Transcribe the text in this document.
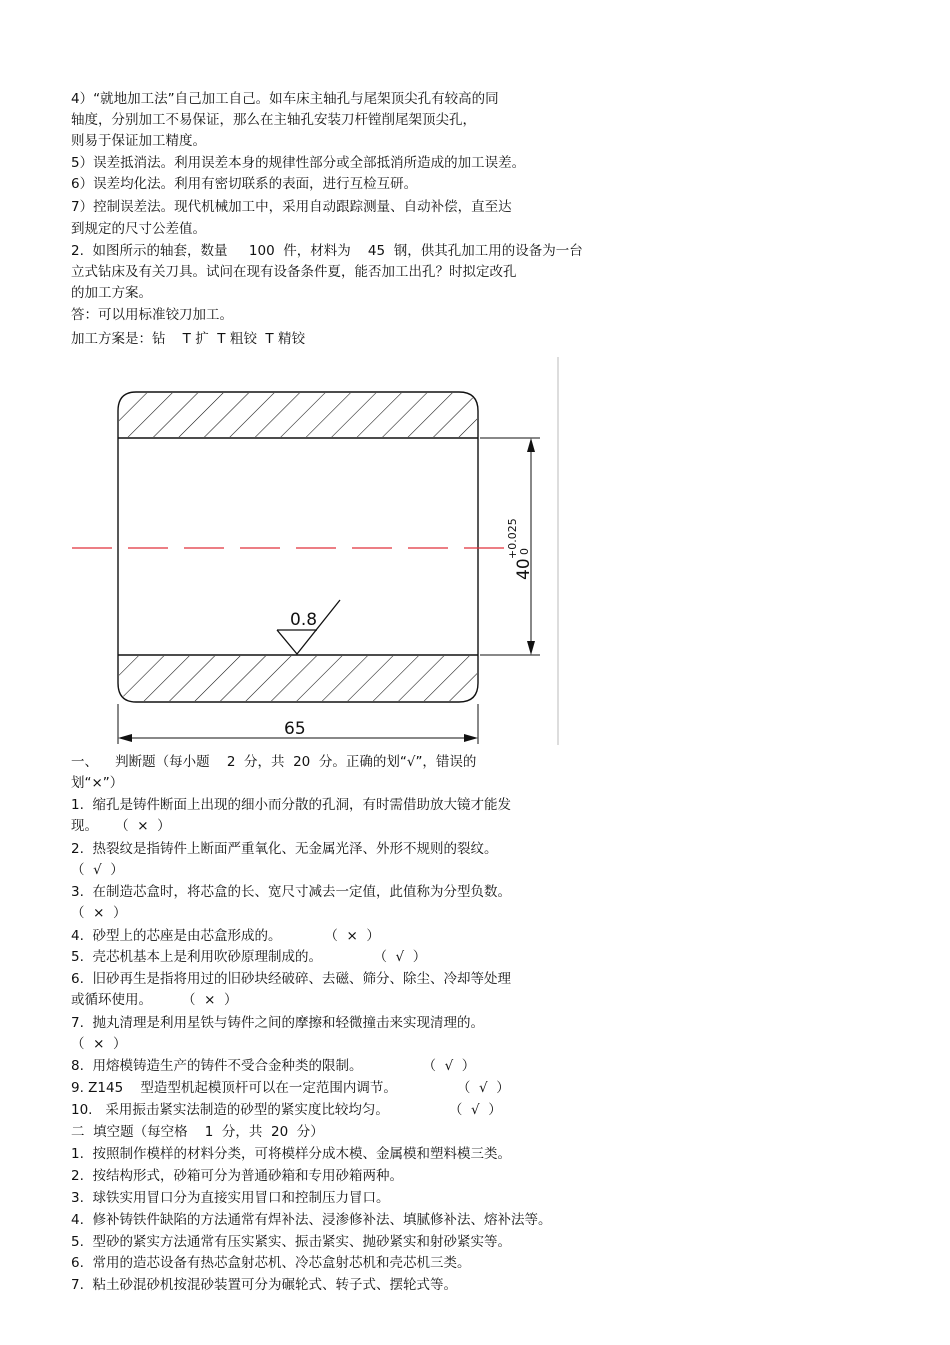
4）“就地加工法”自己加工自己。如车床主轴孔与尾架顶尖孔有较高的同
轴度，分别加工不易保证，那么在主轴孔安装刀杆镗削尾架顶尖孔，
则易于保证加工精度。
5）误差抵消法。利用误差本身的规律性部分或全部抵消所造成的加工误差。
6）误差均化法。利用有密切联系的表面，进行互检互研。
7）控制误差法。现代机械加工中，采用自动跟踪测量、自动补偿，直至达
到规定的尺寸公差值。
2.  如图所示的轴套，数量     100  件，材料为    45  钢，供其孔加工用的设备为一台
立式钻床及有关刀具。试问在现有设备条件夏，能否加工出孔？时拟定改孔
的加工方案。
答：可以用标准铰刀加工。
加工方案是：钻    T 扩  T 粗铰  T 精铰
0.8
40
+0.025 0
65
一、    判断题（每小题    2  分，共  20  分。正确的划“√”，错误的
划“×”）
1.  缩孔是铸件断面上出现的细小而分散的孔洞，有时需借助放大镜才能发
现。    （  ×  ）
2.  热裂纹是指铸件上断面严重氧化、无金属光泽、外形不规则的裂纹。
（  √  ）
3.  在制造芯盒时，将芯盒的长、宽尺寸减去一定值，此值称为分型负数。
（  ×  ）
4.  砂型上的芯座是由芯盒形成的。          （  ×  ）
5.  壳芯机基本上是利用吹砂原理制成的。            （  √  ）
6.  旧砂再生是指将用过的旧砂块经破碎、去磁、筛分、除尘、冷却等处理
或循环使用。       （  ×  ）
7.  抛丸清理是利用星铁与铸件之间的摩擦和轻微撞击来实现清理的。
（  ×  ）
8.  用熔模铸造生产的铸件不受合金种类的限制。              （  √  ）
9. Z145    型造型机起模顶杆可以在一定范围内调节。              （  √  ）
10.   采用振击紧实法制造的砂型的紧实度比较均匀。              （  √  ）
二  填空题（每空格    1  分，共  20  分）
1.  按照制作模样的材料分类，可将模样分成木模、金属模和塑料模三类。
2.  按结构形式，砂箱可分为普通砂箱和专用砂箱两种。
3.  球铁实用冒口分为直接实用冒口和控制压力冒口。
4.  修补铸铁件缺陷的方法通常有焊补法、浸渗修补法、填腻修补法、熔补法等。
5.  型砂的紧实方法通常有压实紧实、振击紧实、抛砂紧实和射砂紧实等。
6.  常用的造芯设备有热芯盒射芯机、冷芯盒射芯机和壳芯机三类。
7.  粘土砂混砂机按混砂装置可分为碾轮式、转子式、摆轮式等。
